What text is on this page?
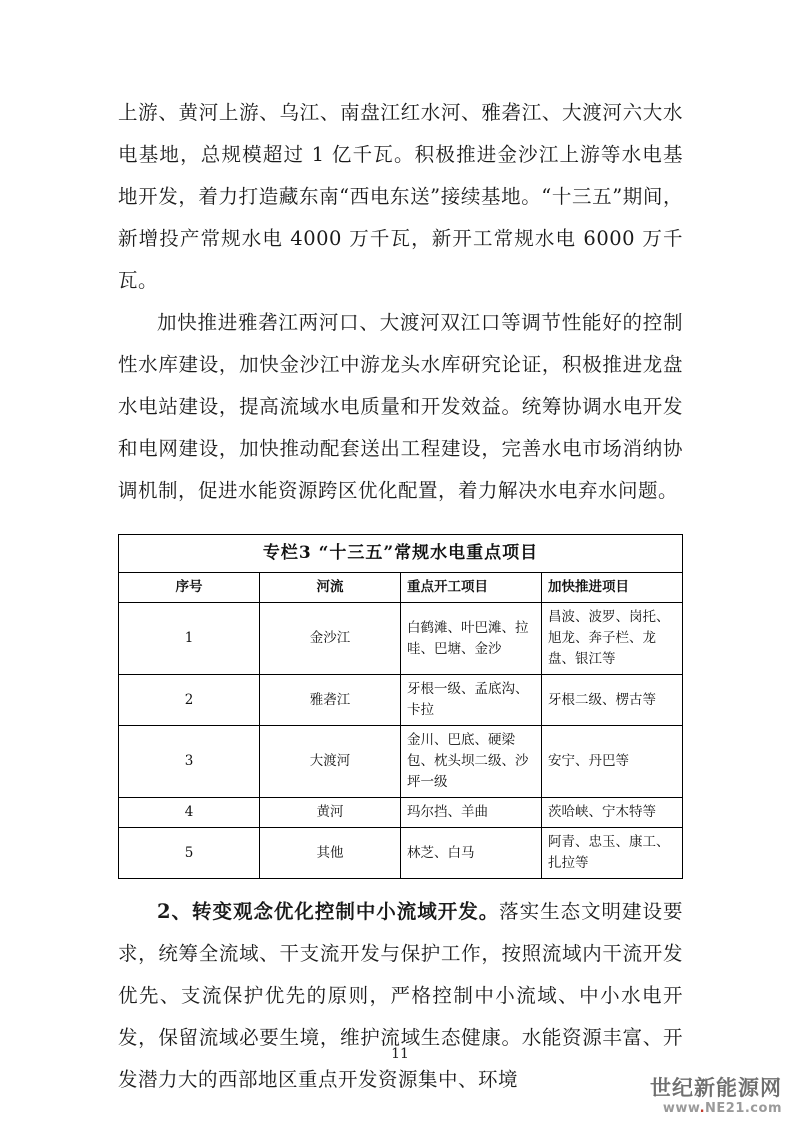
上游、黄河上游、乌江、南盘江红水河、雅砻江、大渡河六大水电基地，总规模超过 1 亿千瓦。积极推进金沙江上游等水电基地开发，着力打造藏东南“西电东送”接续基地。“十三五”期间，新增投产常规水电 4000 万千瓦，新开工常规水电 6000 万千瓦。

加快推进雅砻江两河口、大渡河双江口等调节性能好的控制性水库建设，加快金沙江中游龙头水库研究论证，积极推进龙盘水电站建设，提高流域水电质量和开发效益。统筹协调水电开发和电网建设，加快推动配套送出工程建设，完善水电市场消纳协调机制，促进水能资源跨区优化配置，着力解决水电弃水问题。

专栏3 “十三五”常规水电重点项目			
序号	河流	重点开工项目	加快推进项目
1	金沙江	白鹤滩、叶巴滩、拉哇、巴塘、金沙	昌波、波罗、岗托、旭龙、奔子栏、龙盘、银江等
2	雅砻江	牙根一级、孟底沟、卡拉	牙根二级、楞古等
3	大渡河	金川、巴底、硬梁包、枕头坝二级、沙坪一级	安宁、丹巴等
4	黄河	玛尔挡、羊曲	茨哈峡、宁木特等
5	其他	林芝、白马	阿青、忠玉、康工、扎拉等

2、转变观念优化控制中小流域开发。落实生态文明建设要求，统筹全流域、干支流开发与保护工作，按照流域内干流开发优先、支流保护优先的原则，严格控制中小流域、中小水电开发，保留流域必要生境，维护流域生态健康。水能资源丰富、开发潜力大的西部地区重点开发资源集中、环境

11
世纪新能源网
www.NE21.com
